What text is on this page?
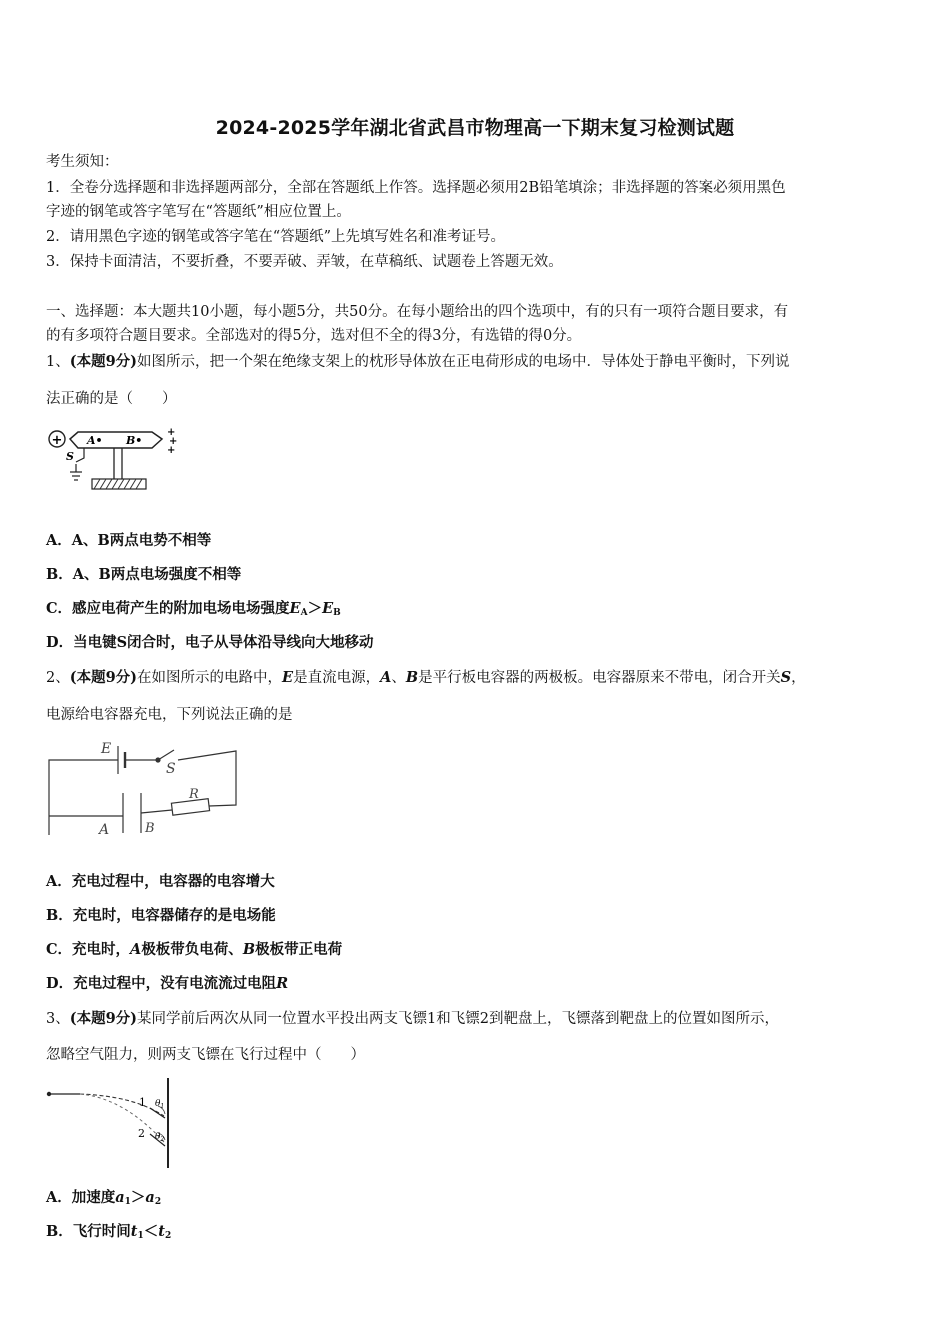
2024-2025学年湖北省武昌市物理高一下期末复习检测试题
考生须知：
1．全卷分选择题和非选择题两部分，全部在答题纸上作答。选择题必须用2B铅笔填涂；非选择题的答案必须用黑色
字迹的钢笔或答字笔写在“答题纸”相应位置上。
2．请用黑色字迹的钢笔或答字笔在“答题纸”上先填写姓名和准考证号。
3．保持卡面清洁，不要折叠，不要弄破、弄皱，在草稿纸、试题卷上答题无效。
一、选择题：本大题共10小题，每小题5分，共50分。在每小题给出的四个选项中，有的只有一项符合题目要求，有
的有多项符合题目要求。全部选对的得5分，选对但不全的得3分，有选错的得0分。
1、(本题9分)如图所示，把一个架在绝缘支架上的枕形导体放在正电荷形成的电场中．导体处于静电平衡时，下列说
法正确的是（　　）
+ A• B•
+
+
+
S
A．A、B两点电势不相等
B．A、B两点电场强度不相等
C．感应电荷产生的附加电场电场强度$E_A>E_B$
D．当电键S闭合时，电子从导体沿导线向大地移动
2、(本题9分)在如图所示的电路中，E是直流电源，A、B是平行板电容器的两极板。电容器原来不带电，闭合开关S，
电源给电容器充电，下列说法正确的是
E
S
R
A	B
A．充电过程中，电容器的电容增大
B．充电时，电容器储存的是电场能
C．充电时，A极板带负电荷、B极板带正电荷
D．充电过程中，没有电流流过电阻R
3、(本题9分)某同学前后两次从同一位置水平投出两支飞镖1和飞镖2到靶盘上，飞镖落到靶盘上的位置如图所示，
忽略空气阻力，则两支飞镖在飞行过程中（　　）
1
2
$\theta_1$
$\theta_2$
A．加速度$a_1>a_2$
B．飞行时间$t_1<t_2$
